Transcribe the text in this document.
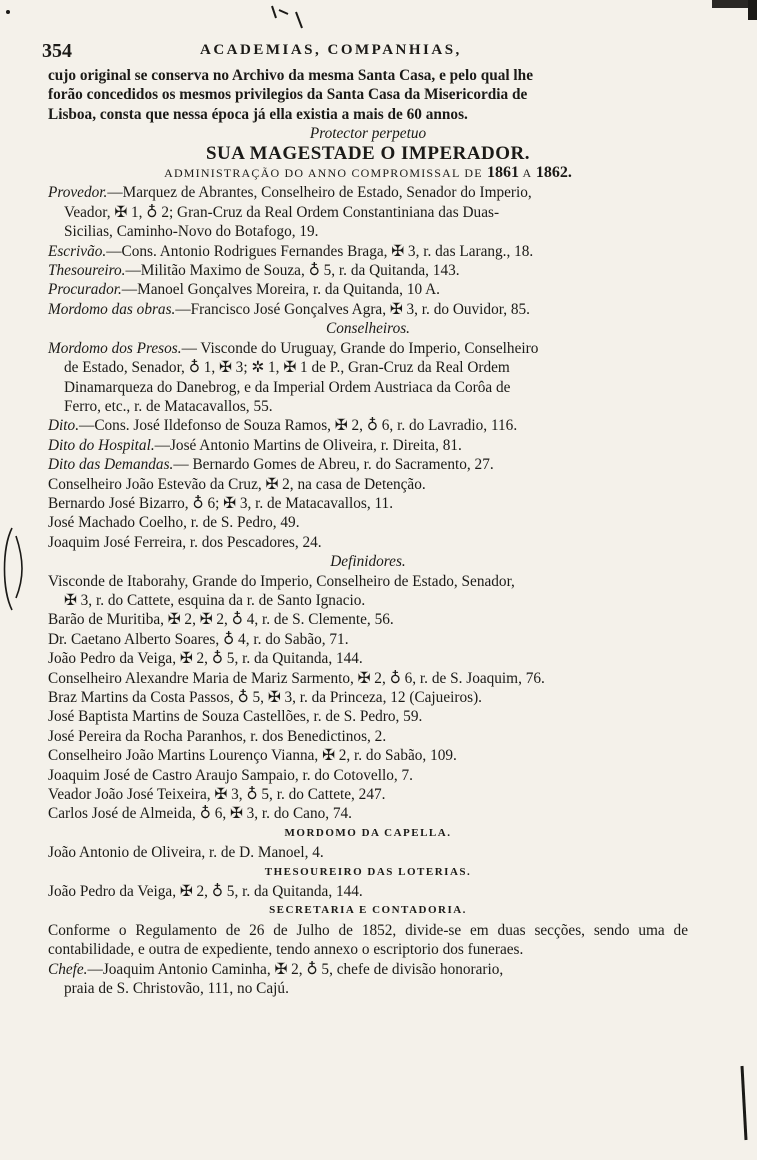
354	ACADEMIAS, COMPANHIAS,

cujo original se conserva no Archivo da mesma Santa Casa, e pelo qual lhe

forão concedidos os mesmos privilegios da Santa Casa da Misericordia de

Lisboa, consta que nessa época já ella existia a mais de 60 annos.

Protector perpetuo

SUA MAGESTADE O IMPERADOR.

ADMINISTRAÇÃO DO ANNO COMPROMISSAL DE 1861 A 1862.

Provedor.—Marquez de Abrantes, Conselheiro de Estado, Senador do Imperio,

Veador, ✠ 1, ♁ 2; Gran-Cruz da Real Ordem Constantiniana das Duas-

Sicilias, Caminho-Novo do Botafogo, 19.

Escrivão.—Cons. Antonio Rodrigues Fernandes Braga, ✠ 3, r. das Larang., 18.

Thesoureiro.—Militão Maximo de Souza, ♁ 5, r. da Quitanda, 143.

Procurador.—Manoel Gonçalves Moreira, r. da Quitanda, 10 A.

Mordomo das obras.—Francisco José Gonçalves Agra, ✠ 3, r. do Ouvidor, 85.

Conselheiros.

Mordomo dos Presos.— Visconde do Uruguay, Grande do Imperio, Conselheiro

de Estado, Senador, ♁ 1, ✠ 3; ✲ 1, ✠ 1 de P., Gran-Cruz da Real Ordem

Dinamarqueza do Danebrog, e da Imperial Ordem Austriaca da Corôa de

Ferro, etc., r. de Matacavallos, 55.

Dito.—Cons. José Ildefonso de Souza Ramos, ✠ 2, ♁ 6, r. do Lavradio, 116.

Dito do Hospital.—José Antonio Martins de Oliveira, r. Direita, 81.

Dito das Demandas.— Bernardo Gomes de Abreu, r. do Sacramento, 27.

Conselheiro João Estevão da Cruz, ✠ 2, na casa de Detenção.

Bernardo José Bizarro, ♁ 6; ✠ 3, r. de Matacavallos, 11.

José Machado Coelho, r. de S. Pedro, 49.

Joaquim José Ferreira, r. dos Pescadores, 24.

Definidores.

Visconde de Itaborahy, Grande do Imperio, Conselheiro de Estado, Senador,

✠ 3, r. do Cattete, esquina da r. de Santo Ignacio.

Barão de Muritiba, ✠ 2, ✠ 2, ♁ 4, r. de S. Clemente, 56.

Dr. Caetano Alberto Soares, ♁ 4, r. do Sabão, 71.

João Pedro da Veiga, ✠ 2, ♁ 5, r. da Quitanda, 144.

Conselheiro Alexandre Maria de Mariz Sarmento, ✠ 2, ♁ 6, r. de S. Joaquim, 76.

Braz Martins da Costa Passos, ♁ 5, ✠ 3, r. da Princeza, 12 (Cajueiros).

José Baptista Martins de Souza Castellões, r. de S. Pedro, 59.

José Pereira da Rocha Paranhos, r. dos Benedictinos, 2.

Conselheiro João Martins Lourenço Vianna, ✠ 2, r. do Sabão, 109.

Joaquim José de Castro Araujo Sampaio, r. do Cotovello, 7.

Veador João José Teixeira, ✠ 3, ♁ 5, r. do Cattete, 247.

Carlos José de Almeida, ♁ 6, ✠ 3, r. do Cano, 74.

MORDOMO DA CAPELLA.

João Antonio de Oliveira, r. de D. Manoel, 4.

THESOUREIRO DAS LOTERIAS.

João Pedro da Veiga, ✠ 2, ♁ 5, r. da Quitanda, 144.

SECRETARIA E CONTADORIA.

Conforme o Regulamento de 26 de Julho de 1852, divide-se em duas secções, sendo uma de contabilidade, e outra de expediente, tendo annexo o escriptorio dos funeraes.

Chefe.—Joaquim Antonio Caminha, ✠ 2, ♁ 5, chefe de divisão honorario,

praia de S. Christovão, 111, no Cajú.
